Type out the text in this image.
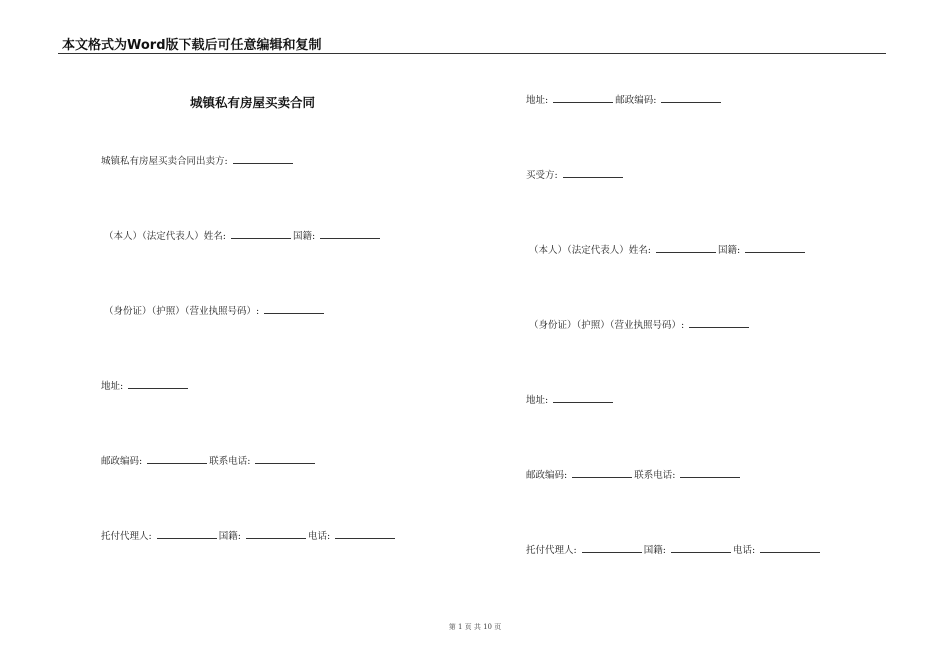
本文格式为Word版下载后可任意编辑和复制
城镇私有房屋买卖合同
城镇私有房屋买卖合同出卖方:
（本人）（法定代表人）姓名:	国籍:
（身份证）（护照）（营业执照号码）:
地址:
邮政编码:	联系电话:
托付代理人:	国籍:	电话:
地址:	邮政编码:
买受方:
（本人）（法定代表人）姓名:	国籍:
（身份证）（护照）（营业执照号码）:
地址:
邮政编码:	联系电话:
托付代理人:	国籍:	电话:
第 1 页 共 10 页
